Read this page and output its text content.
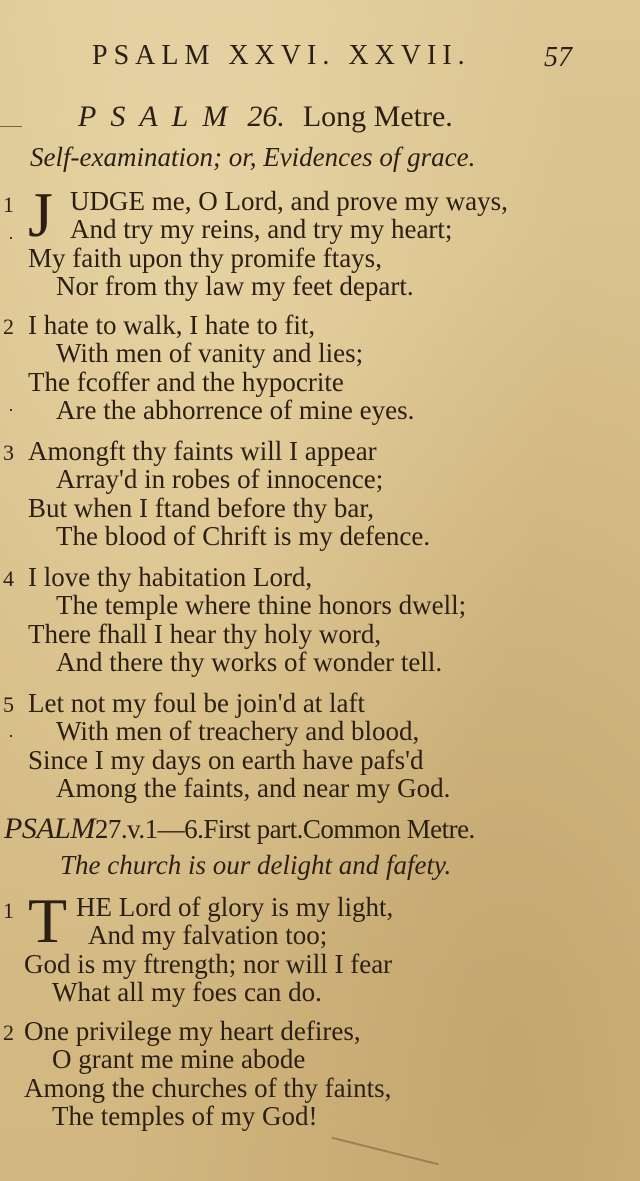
PSALM XXVI. XXVII.	57
PSALM 26. Long Metre.
Self-examination; or, Evidences of grace.
1 J UDGE me, O Lord, and prove my ways,
And try my reins, and try my heart;
My faith upon thy promife ftays,
Nor from thy law my feet depart.
2 I hate to walk, I hate to fit,
With men of vanity and lies;
The fcoffer and the hypocrite
Are the abhorrence of mine eyes.
3 Amongft thy faints will I appear
Array'd in robes of innocence;
But when I ftand before thy bar,
The blood of Chrift is my defence.
4 I love thy habitation Lord,
The temple where thine honors dwell;
There fhall I hear thy holy word,
And there thy works of wonder tell.
5 Let not my foul be join'd at laft
With men of treachery and blood,
Since I my days on earth have pafs'd
Among the faints, and near my God.
PSALM27.v.1—6.First part.Common Metre.
The church is our delight and fafety.
1 T HE Lord of glory is my light,
And my falvation too;
God is my ftrength; nor will I fear
What all my foes can do.
2 One privilege my heart defires,
O grant me mine abode
Among the churches of thy faints,
The temples of my God!
·
·
·
